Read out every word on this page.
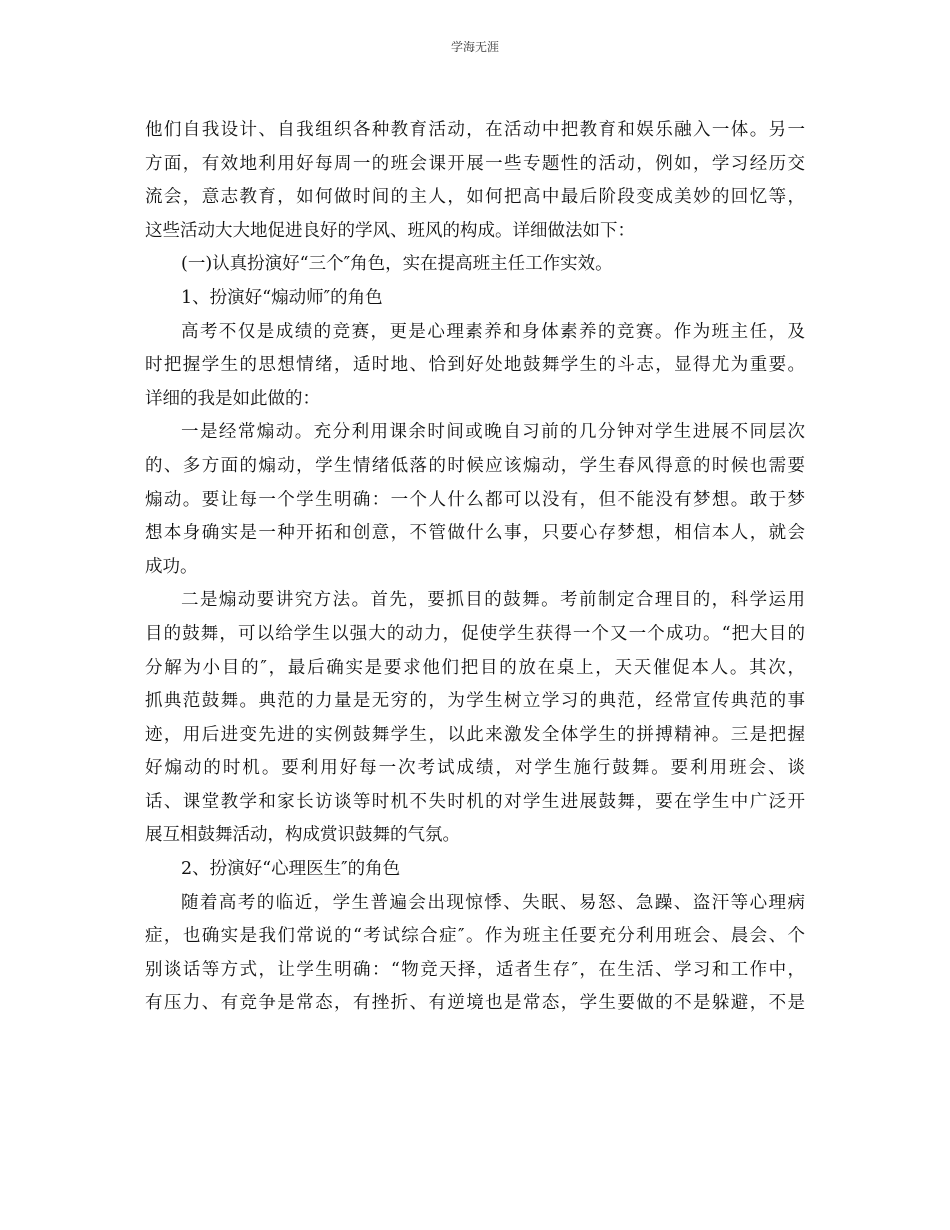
学海无涯
他们自我设计、自我组织各种教育活动，在活动中把教育和娱乐融入一体。另一
方面，有效地利用好每周一的班会课开展一些专题性的活动，例如，学习经历交
流会，意志教育，如何做时间的主人，如何把高中最后阶段变成美妙的回忆等，
这些活动大大地促进良好的学风、班风的构成。详细做法如下：
(一)认真扮演好“三个″角色，实在提高班主任工作实效。
1、扮演好“煽动师″的角色
高考不仅是成绩的竞赛，更是心理素养和身体素养的竞赛。作为班主任，及
时把握学生的思想情绪，适时地、恰到好处地鼓舞学生的斗志，显得尤为重要。
详细的我是如此做的：
一是经常煽动。充分利用课余时间或晚自习前的几分钟对学生进展不同层次
的、多方面的煽动，学生情绪低落的时候应该煽动，学生春风得意的时候也需要
煽动。要让每一个学生明确：一个人什么都可以没有，但不能没有梦想。敢于梦
想本身确实是一种开拓和创意，不管做什么事，只要心存梦想，相信本人，就会
成功。
二是煽动要讲究方法。首先，要抓目的鼓舞。考前制定合理目的，科学运用
目的鼓舞，可以给学生以强大的动力，促使学生获得一个又一个成功。“把大目的
分解为小目的″，最后确实是要求他们把目的放在桌上，天天催促本人。其次，
抓典范鼓舞。典范的力量是无穷的，为学生树立学习的典范，经常宣传典范的事
迹，用后进变先进的实例鼓舞学生，以此来激发全体学生的拼搏精神。三是把握
好煽动的时机。要利用好每一次考试成绩，对学生施行鼓舞。要利用班会、谈
话、课堂教学和家长访谈等时机不失时机的对学生进展鼓舞，要在学生中广泛开
展互相鼓舞活动，构成赏识鼓舞的气氛。
2、扮演好“心理医生″的角色
随着高考的临近，学生普遍会出现惊悸、失眠、易怒、急躁、盗汗等心理病
症，也确实是我们常说的“考试综合症″。作为班主任要充分利用班会、晨会、个
别谈话等方式，让学生明确：“物竞天择，适者生存″，在生活、学习和工作中，
有压力、有竞争是常态，有挫折、有逆境也是常态，学生要做的不是躲避，不是
